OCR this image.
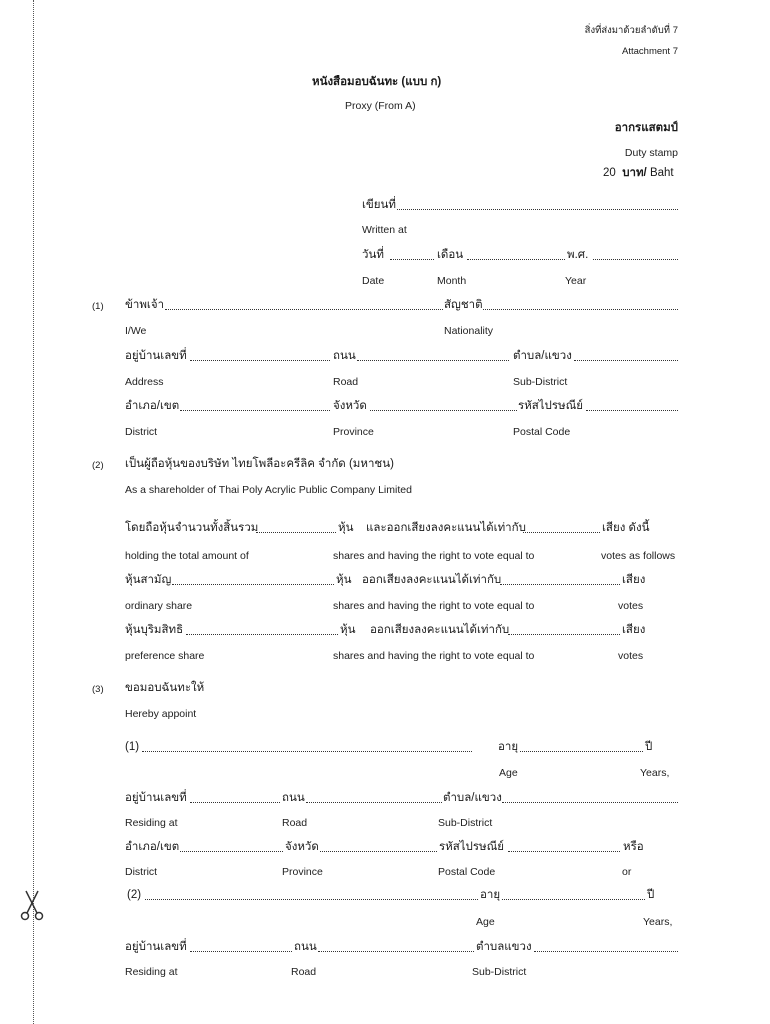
สิ่งที่ส่งมาด้วยลำดับที่ 7
Attachment 7
หนังสือมอบฉันทะ (แบบ ก)
Proxy (From A)
อากรแสตมป์
Duty stamp
20 บาท/ Baht
เขียนที่
Written at
วันที่	เดือน	พ.ศ.
Date	Month	Year
(1) ข้าพเจ้า	สัญชาติ
I/We	Nationality
อยู่บ้านเลขที่	ถนน	ตำบล/แขวง
Address	Road	Sub-District
อำเภอ/เขต	จังหวัด	รหัสไปรษณีย์
District	Province	Postal Code
(2) เป็นผู้ถือหุ้นของบริษัท ไทยโพลีอะครีลิค จำกัด (มหาชน)
As a shareholder of Thai Poly Acrylic Public Company Limited
โดยถือหุ้นจำนวนทั้งสิ้นรวม	หุ้น และออกเสียงลงคะแนนได้เท่ากับ	เสียง ดังนี้
holding the total amount of	shares and having the right to vote equal to	votes as follows
หุ้นสามัญ	หุ้น ออกเสียงลงคะแนนได้เท่ากับ	เสียง
ordinary share	shares and having the right to vote equal to	votes
หุ้นบุริมสิทธิ	หุ้น ออกเสียงลงคะแนนได้เท่ากับ	เสียง
preference share	shares and having the right to vote equal to	votes
(3) ขอมอบฉันทะให้
Hereby appoint
(1)	อายุ	ปี
Age	Years,
อยู่บ้านเลขที่	ถนน	ตำบล/แขวง
Residing at	Road	Sub-District
อำเภอ/เขต	จังหวัด	รหัสไปรษณีย์	หรือ
District	Province	Postal Code	or
(2)	อายุ	ปี
Age	Years,
อยู่บ้านเลขที่	ถนน	ตำบลแขวง
Residing at	Road	Sub-District
